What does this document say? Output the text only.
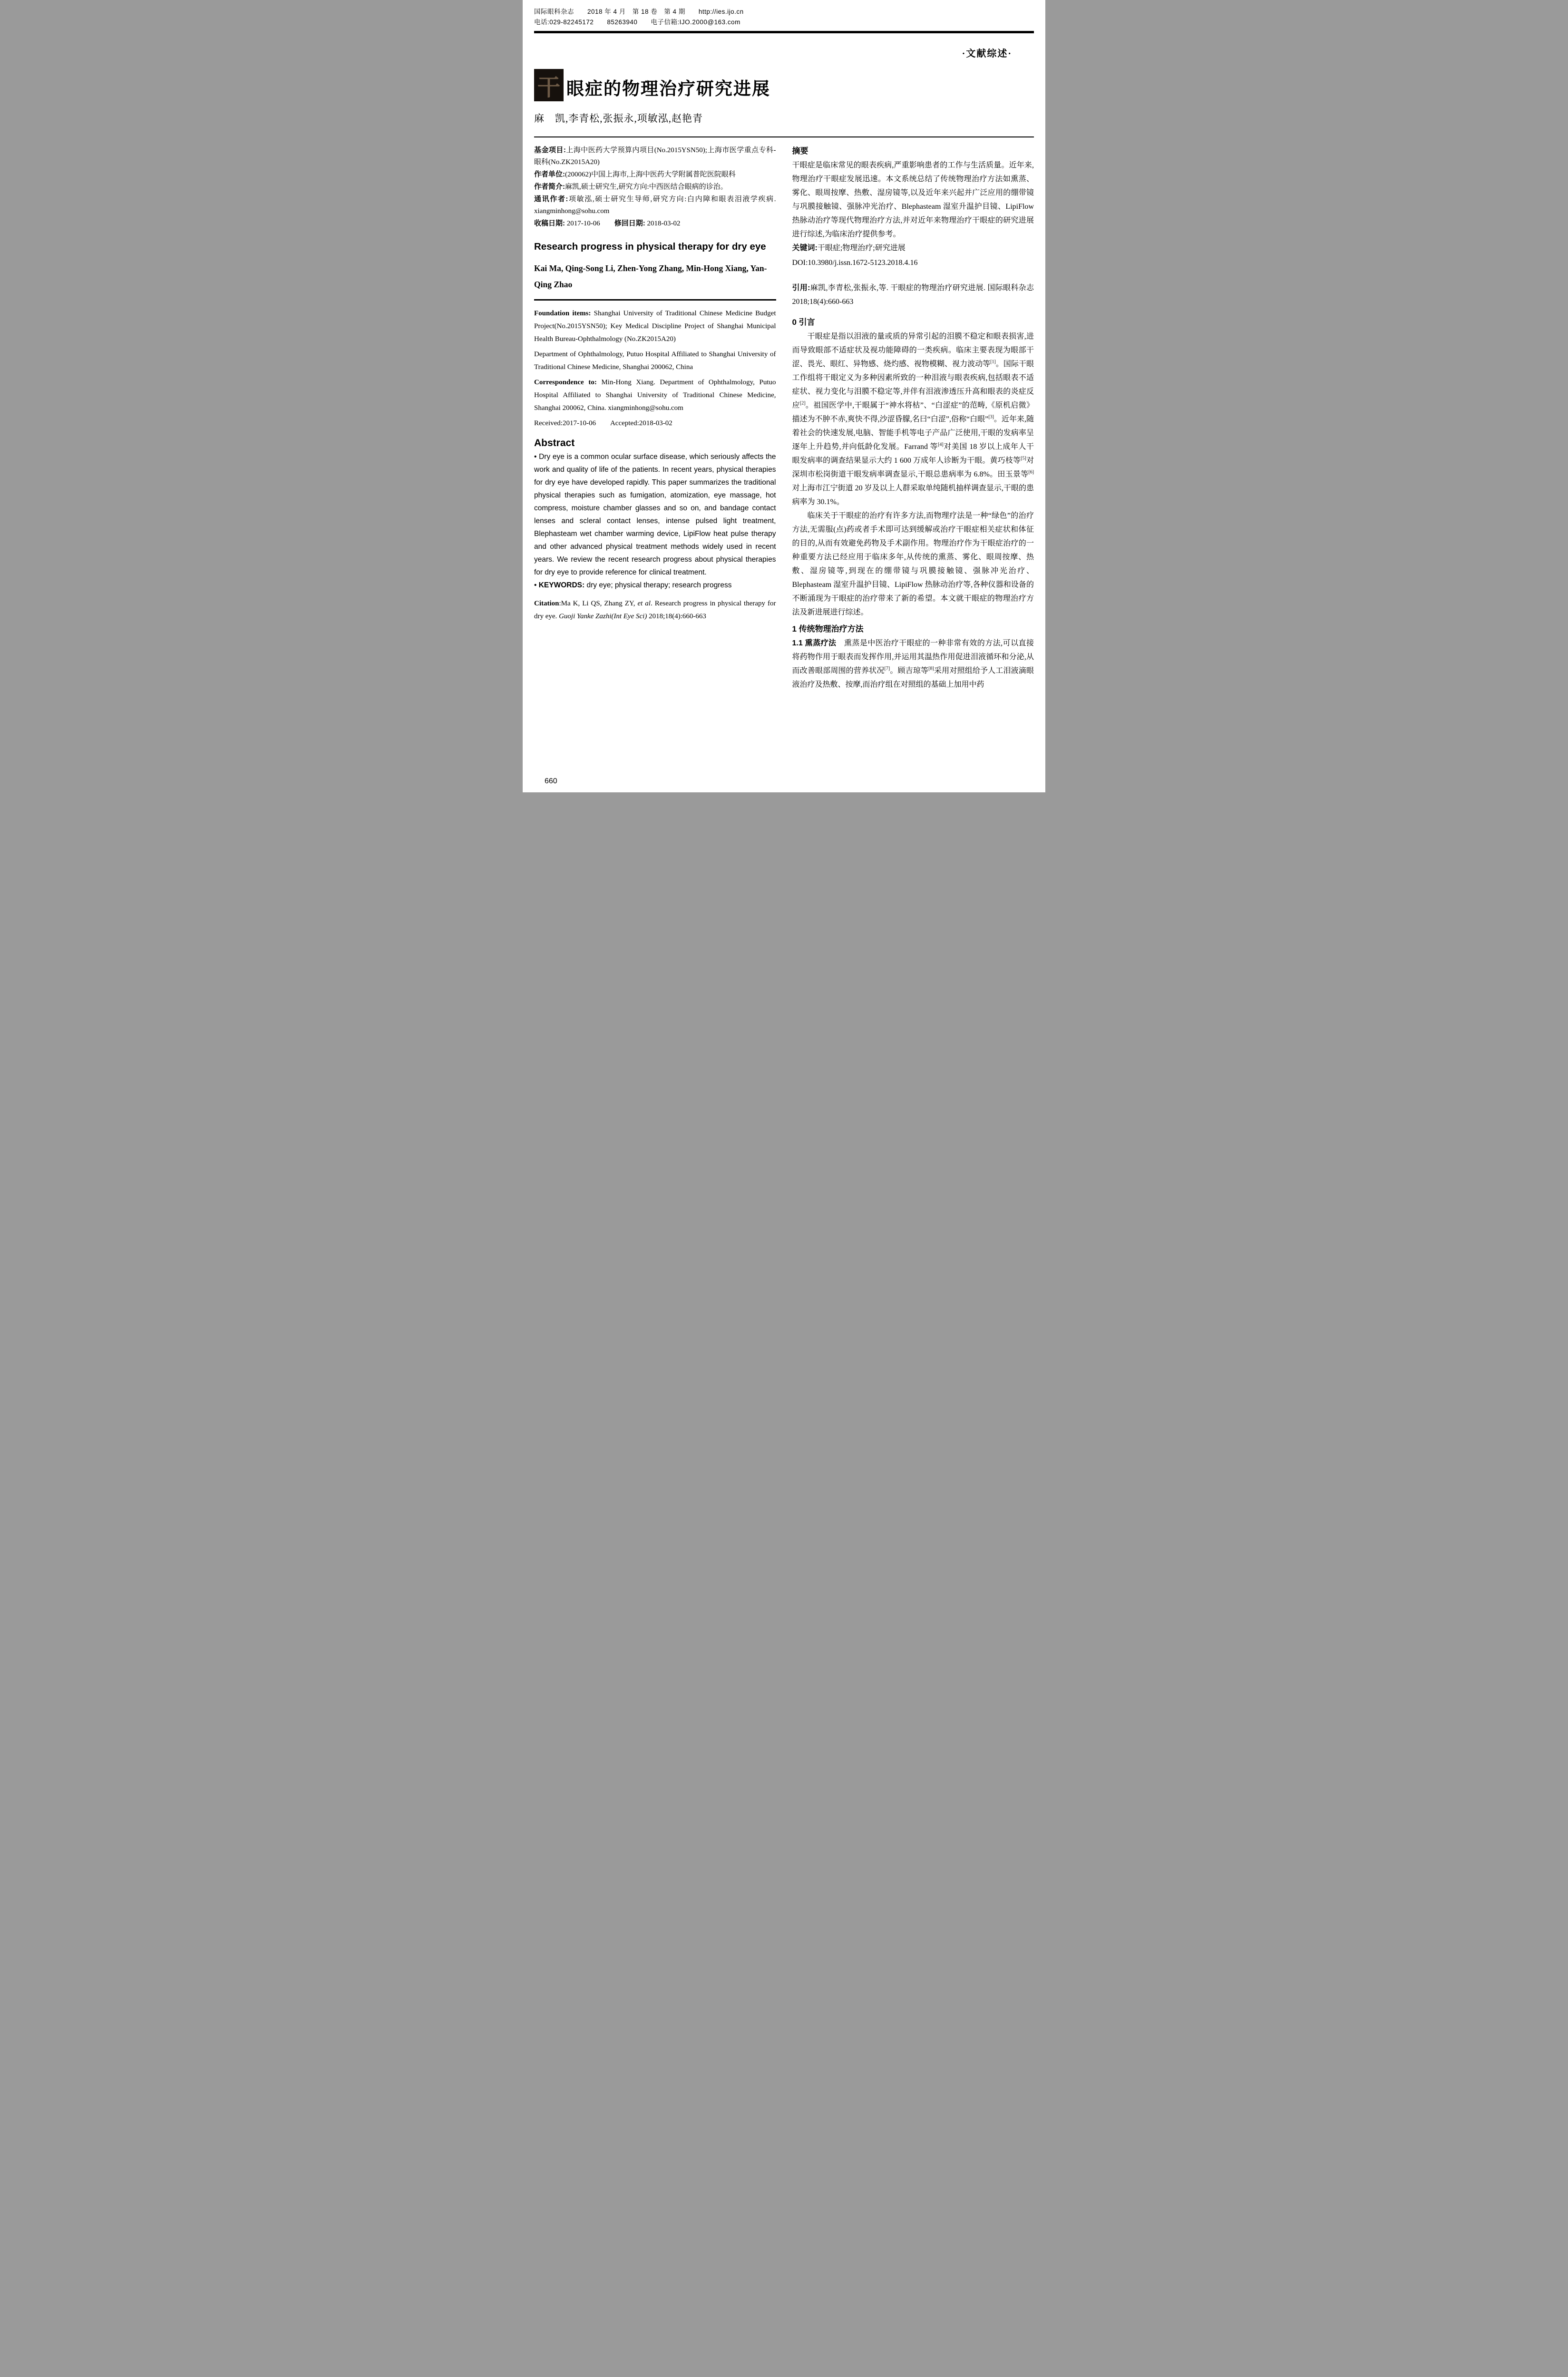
国际眼科杂志　　2018 年 4 月　第 18 卷　第 4 期　　http://ies.ijo.cn
电话:029-82245172　　85263940　　电子信箱:IJO.2000@163.com
·文献综述·
干 眼症的物理治疗研究进展
麻　凯,李青松,张振永,项敏泓,赵艳青

基金项目:上海中医药大学预算内项目(No.2015YSN50);上海市医学重点专科-眼科(No.ZK2015A20)

作者单位:(200062)中国上海市,上海中医药大学附属普陀医院眼科

作者简介:麻凯,硕士研究生,研究方向:中西医结合眼病的诊治。

通讯作者:项敏泓,硕士研究生导师,研究方向:白内障和眼表泪液学疾病. xiangminhong@sohu.com

收稿日期: 2017-10-06　　修回日期: 2018-03-02

Research progress in physical therapy for dry eye
Kai Ma, Qing-Song Li, Zhen-Yong Zhang, Min-Hong Xiang, Yan-Qing Zhao

Foundation items: Shanghai University of Traditional Chinese Medicine Budget Project(No.2015YSN50); Key Medical Discipline Project of Shanghai Municipal Health Bureau-Ophthalmology (No.ZK2015A20)

Department of Ophthalmology, Putuo Hospital Affiliated to Shanghai University of Traditional Chinese Medicine, Shanghai 200062, China

Correspondence to: Min-Hong Xiang. Department of Ophthalmology, Putuo Hospital Affiliated to Shanghai University of Traditional Chinese Medicine, Shanghai 200062, China. xiangminhong@sohu.com

Received:2017-10-06　　Accepted:2018-03-02

Abstract

• Dry eye is a common ocular surface disease, which seriously affects the work and quality of life of the patients. In recent years, physical therapies for dry eye have developed rapidly. This paper summarizes the traditional physical therapies such as fumigation, atomization, eye massage, hot compress, moisture chamber glasses and so on, and bandage contact lenses and scleral contact lenses, intense pulsed light treatment, Blephasteam wet chamber warming device, LipiFlow heat pulse therapy and other advanced physical treatment methods widely used in recent years. We review the recent research progress about physical therapies for dry eye to provide reference for clinical treatment.

• KEYWORDS: dry eye; physical therapy; research progress

Citation:Ma K, Li QS, Zhang ZY, et al. Research progress in physical therapy for dry eye. Guoji Yanke Zazhi(Int Eye Sci) 2018;18(4):660-663

摘要

干眼症是临床常见的眼表疾病,严重影响患者的工作与生活质量。近年来,物理治疗干眼症发展迅速。本文系统总结了传统物理治疗方法如熏蒸、雾化、眼周按摩、热敷、湿房镜等,以及近年来兴起并广泛应用的绷带镜与巩膜接触镜、强脉冲光治疗、Blephasteam 湿室升温护目镜、LipiFlow 热脉动治疗等现代物理治疗方法,并对近年来物理治疗干眼症的研究进展进行综述,为临床治疗提供参考。

关键词:干眼症;物理治疗;研究进展

DOI:10.3980/j.issn.1672-5123.2018.4.16

引用:麻凯,李青松,张振永,等. 干眼症的物理治疗研究进展. 国际眼科杂志 2018;18(4):660-663

0 引言

干眼症是指以泪液的量或质的异常引起的泪膜不稳定和眼表损害,进而导致眼部不适症状及视功能障碍的一类疾病。临床主要表现为眼部干涩、畏光、眼红、异物感、烧灼感、视物模糊、视力波动等[1]。国际干眼工作组将干眼定义为多种因素所致的一种泪液与眼表疾病,包括眼表不适症状、视力变化与泪膜不稳定等,并伴有泪液渗透压升高和眼表的炎症反应[2]。祖国医学中,干眼属于“神水将枯”、“白涩症”的范畴,《原机启微》描述为不肿不赤,爽快不得,沙涩昏朦,名曰“白涩”,俗称“白眼”[3]。近年来,随着社会的快速发展,电脑、智能手机等电子产品广泛使用,干眼的发病率呈逐年上升趋势,并向低龄化发展。Farrand 等[4]对美国 18 岁以上成年人干眼发病率的调查结果显示大约 1 600 万成年人诊断为干眼。黄巧枝等[5]对深圳市松岗街道干眼发病率调查显示,干眼总患病率为 6.8%。田玉景等[6]对上海市江宁街道 20 岁及以上人群采取单纯随机抽样调查显示,干眼的患病率为 30.1%。

临床关于干眼症的治疗有许多方法,而物理疗法是一种“绿色”的治疗方法,无需服(点)药或者手术即可达到缓解或治疗干眼症相关症状和体征的目的,从而有效避免药物及手术副作用。物理治疗作为干眼症治疗的一种重要方法已经应用于临床多年,从传统的熏蒸、雾化、眼周按摩、热敷、湿房镜等,到现在的绷带镜与巩膜接触镜、强脉冲光治疗、Blephasteam 湿室升温护目镜、LipiFlow 热脉动治疗等,各种仪器和设备的不断涌现为干眼症的治疗带来了新的希望。本文就干眼症的物理治疗方法及新进展进行综述。

1 传统物理治疗方法

1.1 熏蒸疗法　熏蒸是中医治疗干眼症的一种非常有效的方法,可以直接将药物作用于眼表而发挥作用,并运用其温热作用促进泪液循环和分泌,从而改善眼部周围的营养状况[7]。顾吉琼等[8]采用对照组给予人工泪液滴眼液治疗及热敷、按摩,而治疗组在对照组的基础上加用中药

660
